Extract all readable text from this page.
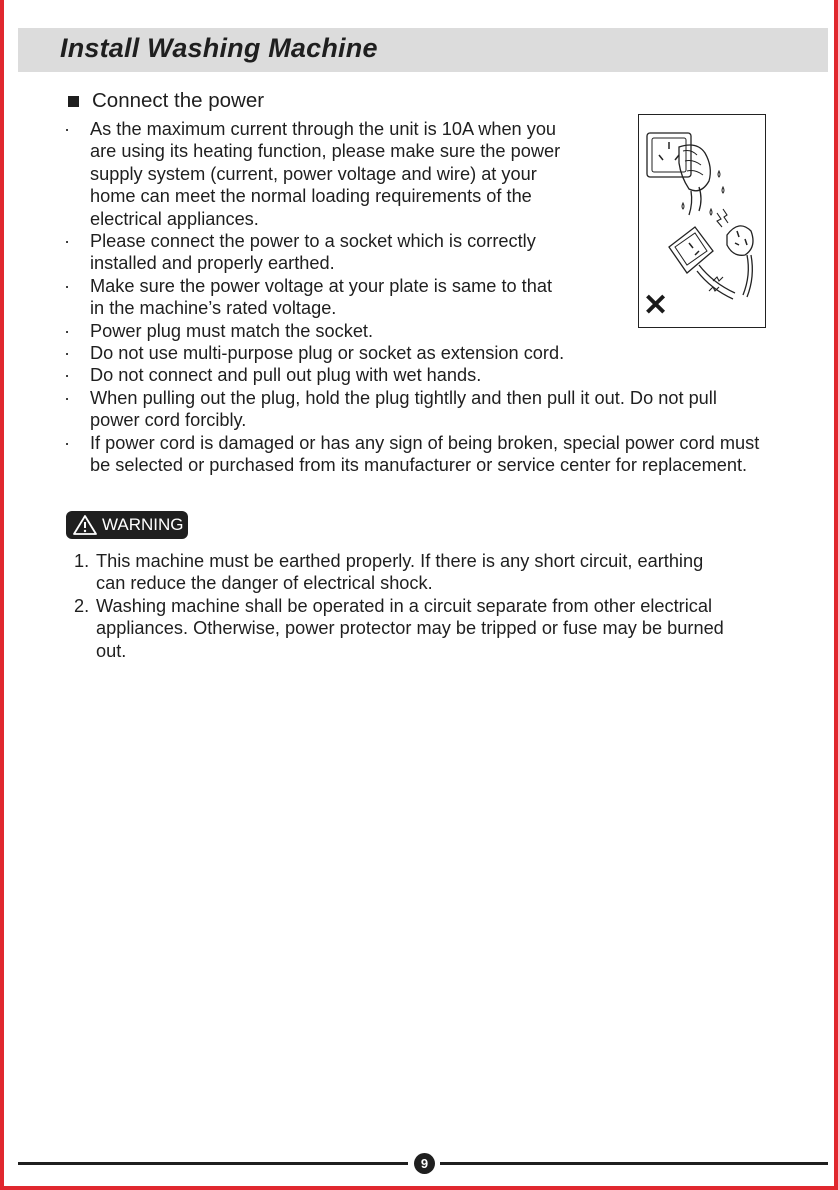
Install Washing Machine
Connect the power
· As the maximum current through the unit is 10A when you are using its heating function, please make sure the power supply system (current, power voltage and wire) at your home can meet the normal loading requirements of the electrical appliances.
· Please connect the power to a socket which is correctly installed and properly earthed.
· Make sure the power voltage at your plate is same to that in the machine’s rated voltage.
· Power plug must match the socket.
· Do not use multi-purpose plug or socket as extension cord.
· Do not connect and pull out plug with wet hands.
· When pulling out the plug, hold the plug tightlly and then pull it out. Do not pull power cord forcibly.
· If power cord is damaged or has any sign of being broken, special power cord must be selected or purchased from its manufacturer or service center for replacement.
✕
WARNING
1. This machine must be earthed properly. If there is any short circuit, earthing can reduce the danger of electrical shock.
2. Washing machine shall be operated in a circuit separate from other electrical appliances. Otherwise, power protector may be tripped or fuse may be burned out.
9
